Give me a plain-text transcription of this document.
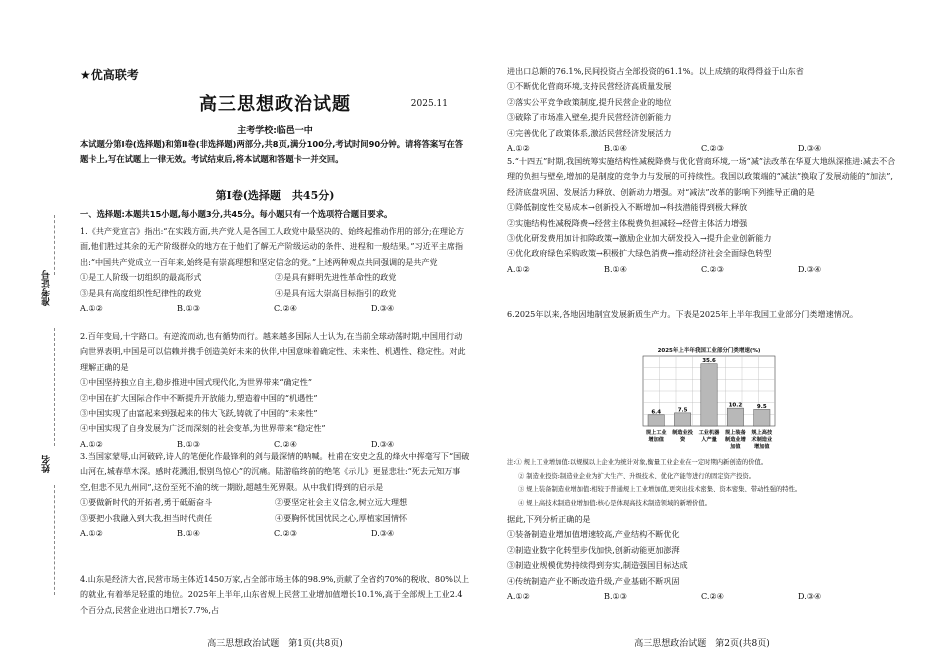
准考证号
姓名
★优高联考
高三思想政治试题	2025.11
主考学校:临邑一中
本试题分第Ⅰ卷(选择题)和第Ⅱ卷(非选择题)两部分,共8页,满分100分,考试时间90分钟。请将答案写在答题卡上,写在试题上一律无效。考试结束后,将本试题和答题卡一并交回。
第Ⅰ卷(选择题　共45分)
一、选择题:本题共15小题,每小题3分,共45分。每小题只有一个选项符合题目要求。

1.《共产党宣言》指出:“在实践方面,共产党人是各国工人政党中最坚决的、始终起推动作用的部分;在理论方面,他们胜过其余的无产阶级群众的地方在于他们了解无产阶级运动的条件、进程和一般结果。”习近平主席指出:“中国共产党成立一百年来,始终是有崇高理想和坚定信念的党。”上述两种观点共同强调的是共产党

①是工人阶级一切组织的最高形式	②是具有鲜明先进性革命性的政党
③是具有高度组织性纪律性的政党	④是具有远大崇高目标指引的政党
A.①②	B.①③	C.②④	D.③④

2.百年变局,十字路口。有逆流而动,也有循势而行。越来越多国际人士认为,在当前全球动荡时期,中国用行动向世界表明,中国是可以信赖并携手创造美好未来的伙伴,中国意味着确定性、未来性、机遇性、稳定性。对此理解正确的是

①中国坚持独立自主,稳步推进中国式现代化,为世界带来“确定性”

②中国在扩大国际合作中不断提升开放能力,塑造着中国的“机遇性”

③中国实现了由富起来到强起来的伟大飞跃,铸就了中国的“未来性”

④中国实现了自身发展为广泛而深刻的社会变革,为世界带来“稳定性”

A.①②	B.①③	C.②④	D.③④

3.当国家蒙辱,山河破碎,诗人的笔便化作最锋利的剑与最深情的呐喊。杜甫在安史之乱的烽火中挥毫写下“国破山河在,城春草木深。感时花溅泪,恨别鸟惊心”的沉痛。陆游临终前的绝笔《示儿》更显悲壮:“死去元知万事空,但悲不见九州同”,这份至死不渝的统一期盼,超越生死界限。从中我们得到的启示是

①要做新时代的开拓者,勇于砥砺奋斗	②要坚定社会主义信念,树立远大理想
③要把小我融入到大我,担当时代责任	④要胸怀忧国忧民之心,厚植家国情怀
A.①②	B.①④	C.②③	D.③④

4.山东是经济大省,民营市场主体近1450万家,占全部市场主体的98.9%,贡献了全省约70%的税收、80%以上的就业,有着举足轻重的地位。2025年上半年,山东省规上民营工业增加值增长10.1%,高于全部规上工业2.4个百分点,民营企业进出口增长7.7%,占

高三思想政治试题　第1页(共8页)

进出口总额的76.1%,民间投资占全部投资的61.1%。以上成绩的取得得益于山东省

①不断优化营商环境,支持民营经济高质量发展

②落实公平竞争政策制度,提升民营企业的地位

③破除了市场准入壁垒,提升民营经济创新能力

④完善优化了政策体系,激活民营经济发展活力

A.①②	B.①④	C.②③	D.③④

5.“十四五”时期,我国统筹实施结构性减税降费与优化营商环境,一场“减”法改革在华夏大地纵深推进:减去不合理的负担与壁垒,增加的是制度的竞争力与发展的可持续性。我国以政策端的“减法”换取了发展动能的“加法”,经济底盘巩固、发展活力释放、创新动力增强。对“减法”改革的影响下列推导正确的是

①降低制度性交易成本→创新投入不断增加→科技潜能得到极大释放

②实施结构性减税降费→经营主体税费负担减轻→经营主体活力增强

③优化研发费用加计扣除政策→激励企业加大研发投入→提升企业创新能力

④优化政府绿色采购政策→积极扩大绿色消费→推动经济社会全面绿色转型

A.①②	B.①④	C.②③	D.③④

6.2025年以来,各地因地制宜发展新质生产力。下表是2025年上半年我国工业部分门类增速情况。

2025年上半年我国工业部分门类增速(%)
6.4
规上工业
增加值
7.5
制造业投
资
35.6
工业机器
人产量
10.2
规上装备
制造业增
加值
9.5
规上高技
术制造业
增加值

注:① 规上工业增加值:以规模以上企业为统计对象,衡量工业企业在一定时期内新创造的价值。

② 制造业投资:制造业企业为扩大生产、升级技术、优化产能等进行的固定资产投资。

③ 规上装备制造业增加值:相较于普通规上工业增加值,更突出技术密集、资本密集、带动性强的特性。

④ 规上高技术制造业增加值:核心是体现高技术制造领域的新增价值。

据此,下列分析正确的是

①装备制造业增加值增速较高,产业结构不断优化

②制造业数字化转型步伐加快,创新动能更加澎湃

③制造业规模优势持续得到夯实,制造强国目标达成

④传统制造产业不断改造升级,产业基础不断巩固

A.①②	B.①③	C.②④	D.③④
高三思想政治试题　第2页(共8页)
